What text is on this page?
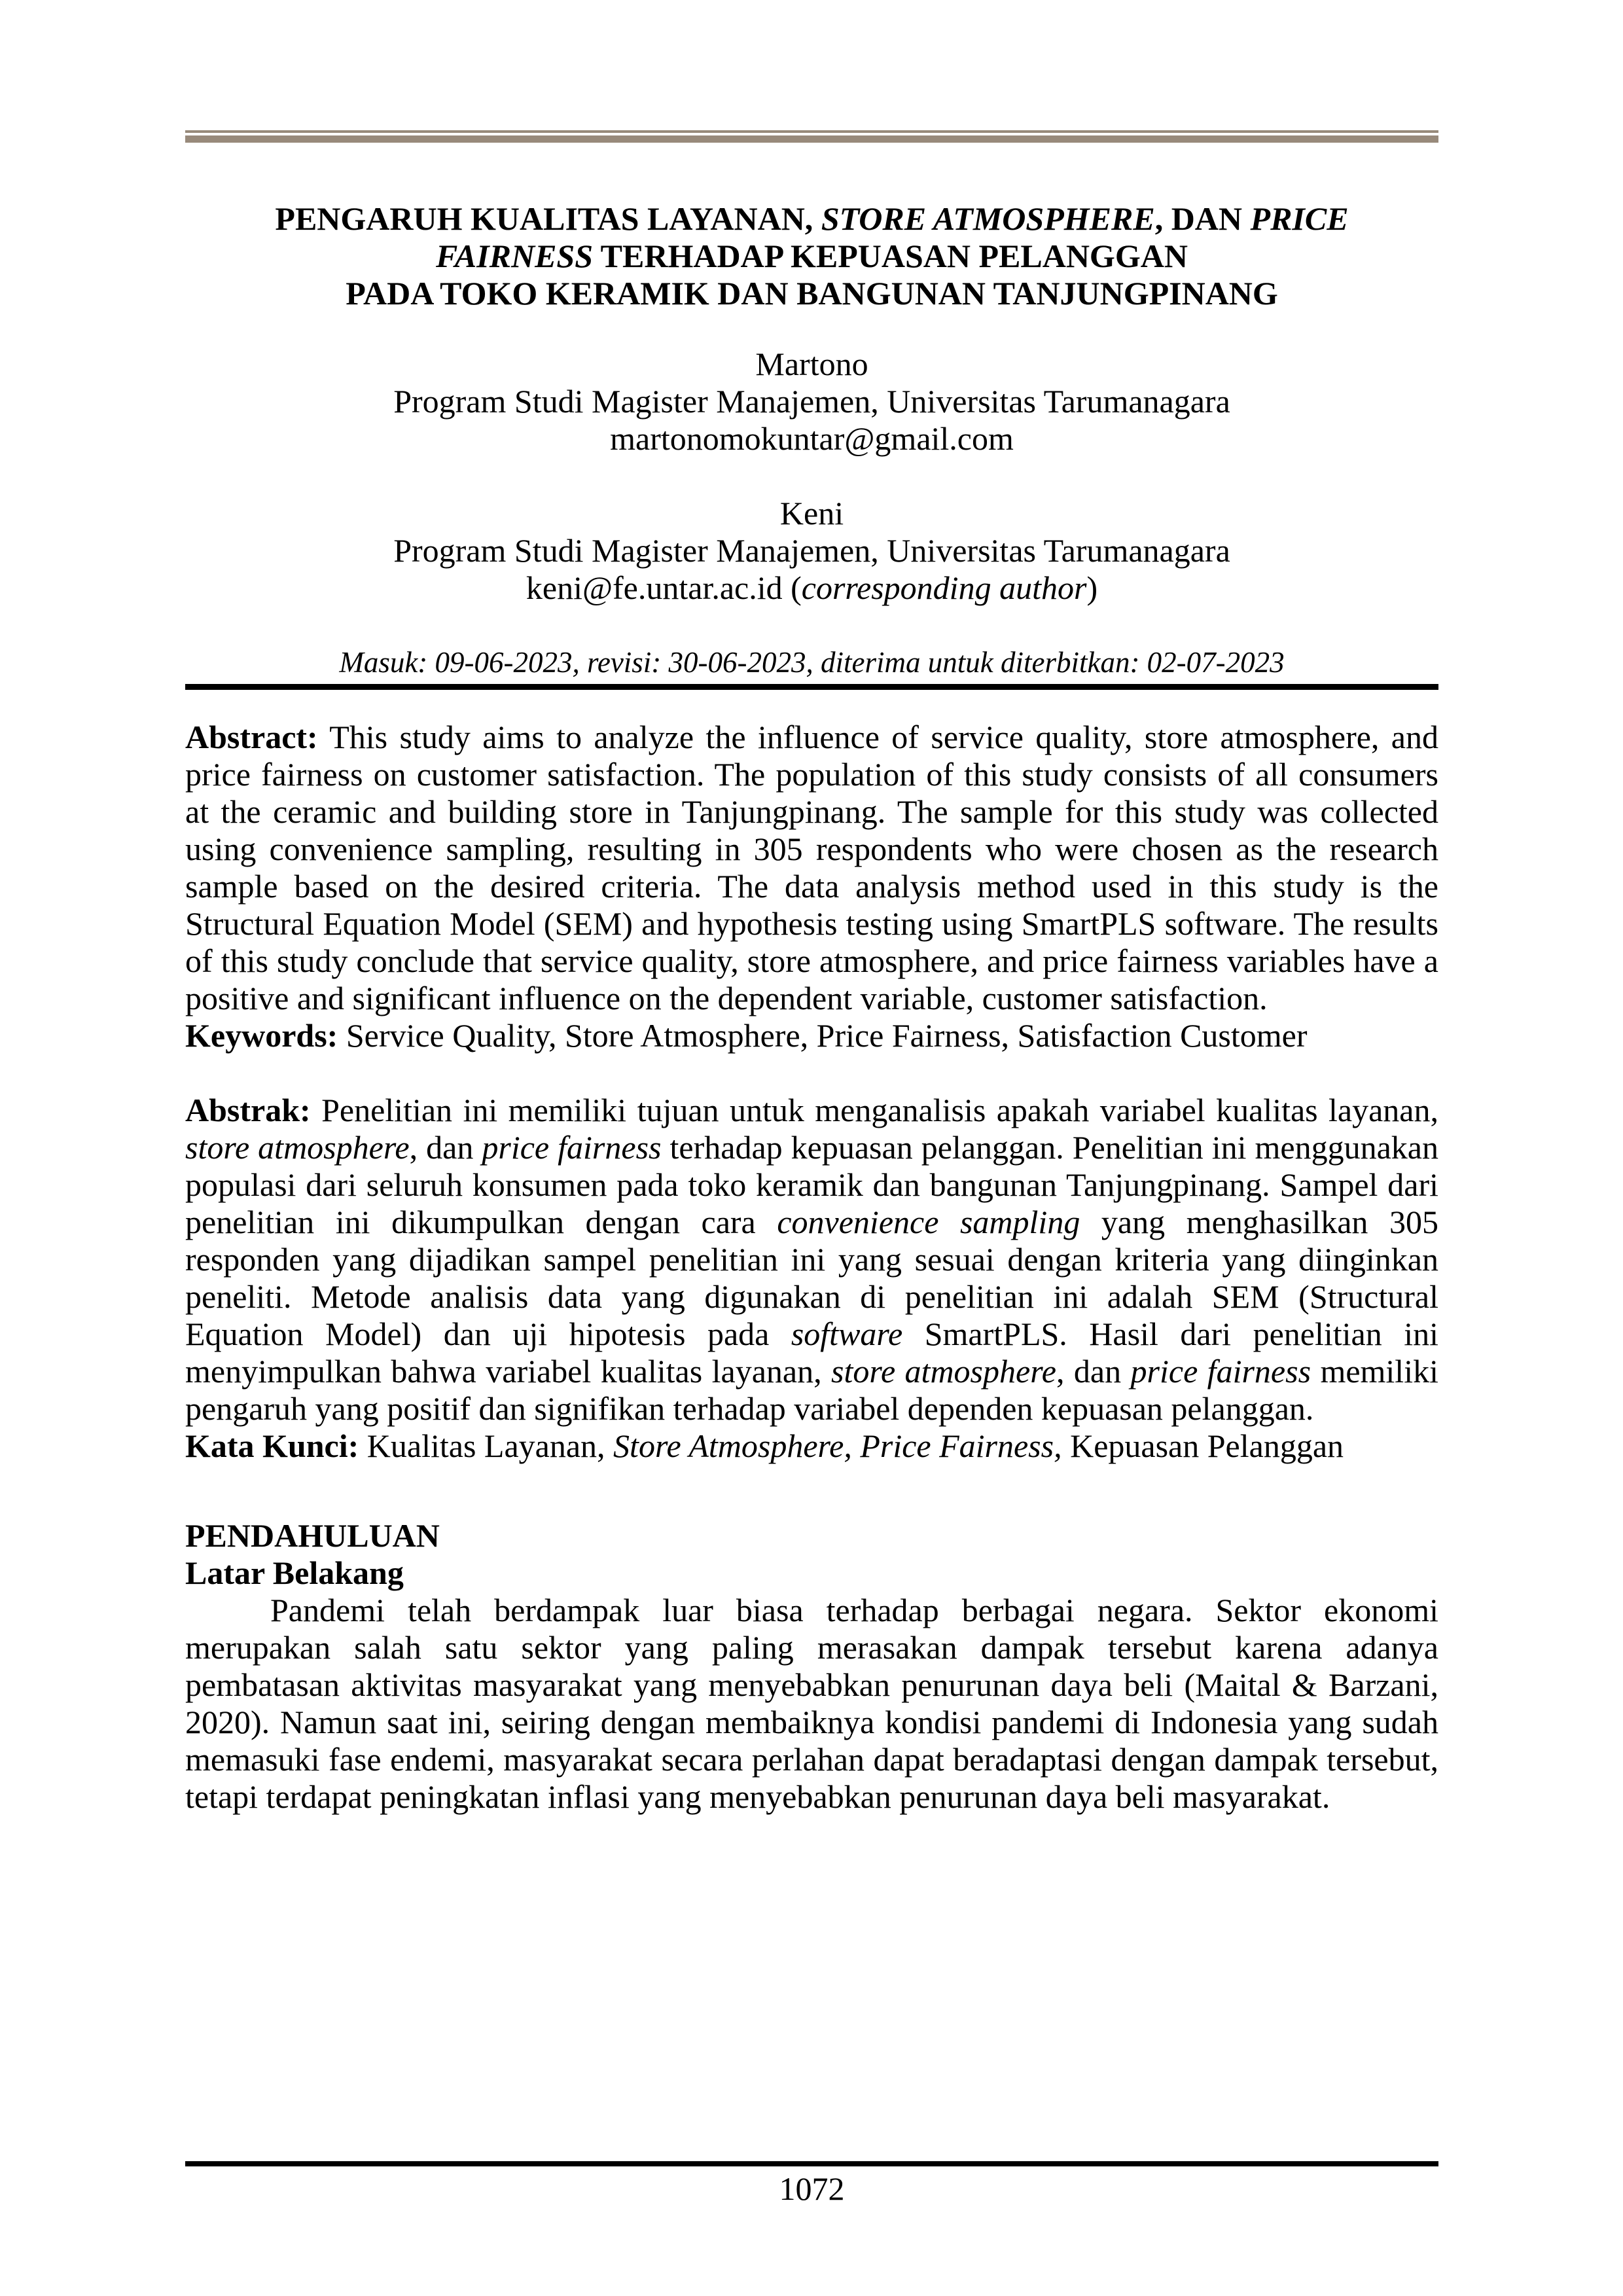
PENGARUH KUALITAS LAYANAN, STORE ATMOSPHERE, DAN PRICE
FAIRNESS TERHADAP KEPUASAN PELANGGAN
PADA TOKO KERAMIK DAN BANGUNAN TANJUNGPINANG
Martono
Program Studi Magister Manajemen, Universitas Tarumanagara
martonomokuntar@gmail.com
Keni
Program Studi Magister Manajemen, Universitas Tarumanagara
keni@fe.untar.ac.id (corresponding author)
Masuk: 09-06-2023, revisi: 30-06-2023, diterima untuk diterbitkan: 02-07-2023

Abstract: This study aims to analyze the influence of service quality, store atmosphere, and price fairness on customer satisfaction. The population of this study consists of all consumers at the ceramic and building store in Tanjungpinang. The sample for this study was collected using convenience sampling, resulting in 305 respondents who were chosen as the research sample based on the desired criteria. The data analysis method used in this study is the Structural Equation Model (SEM) and hypothesis testing using SmartPLS software. The results of this study conclude that service quality, store atmosphere, and price fairness variables have a positive and significant influence on the dependent variable, customer satisfaction.

Keywords: Service Quality, Store Atmosphere, Price Fairness, Satisfaction Customer

Abstrak: Penelitian ini memiliki tujuan untuk menganalisis apakah variabel kualitas layanan, store atmosphere, dan price fairness terhadap kepuasan pelanggan. Penelitian ini menggunakan populasi dari seluruh konsumen pada toko keramik dan bangunan Tanjungpinang. Sampel dari penelitian ini dikumpulkan dengan cara convenience sampling yang menghasilkan 305 responden yang dijadikan sampel penelitian ini yang sesuai dengan kriteria yang diinginkan peneliti. Metode analisis data yang digunakan di penelitian ini adalah SEM (Structural Equation Model) dan uji hipotesis pada software SmartPLS. Hasil dari penelitian ini menyimpulkan bahwa variabel kualitas layanan, store atmosphere, dan price fairness memiliki pengaruh yang positif dan signifikan terhadap variabel dependen kepuasan pelanggan.

Kata Kunci: Kualitas Layanan, Store Atmosphere, Price Fairness, Kepuasan Pelanggan

PENDAHULUAN
Latar Belakang

Pandemi telah berdampak luar biasa terhadap berbagai negara. Sektor ekonomi merupakan salah satu sektor yang paling merasakan dampak tersebut karena adanya pembatasan aktivitas masyarakat yang menyebabkan penurunan daya beli (Maital & Barzani, 2020). Namun saat ini, seiring dengan membaiknya kondisi pandemi di Indonesia yang sudah memasuki fase endemi, masyarakat secara perlahan dapat beradaptasi dengan dampak tersebut, tetapi terdapat peningkatan inflasi yang menyebabkan penurunan daya beli masyarakat.

1072
